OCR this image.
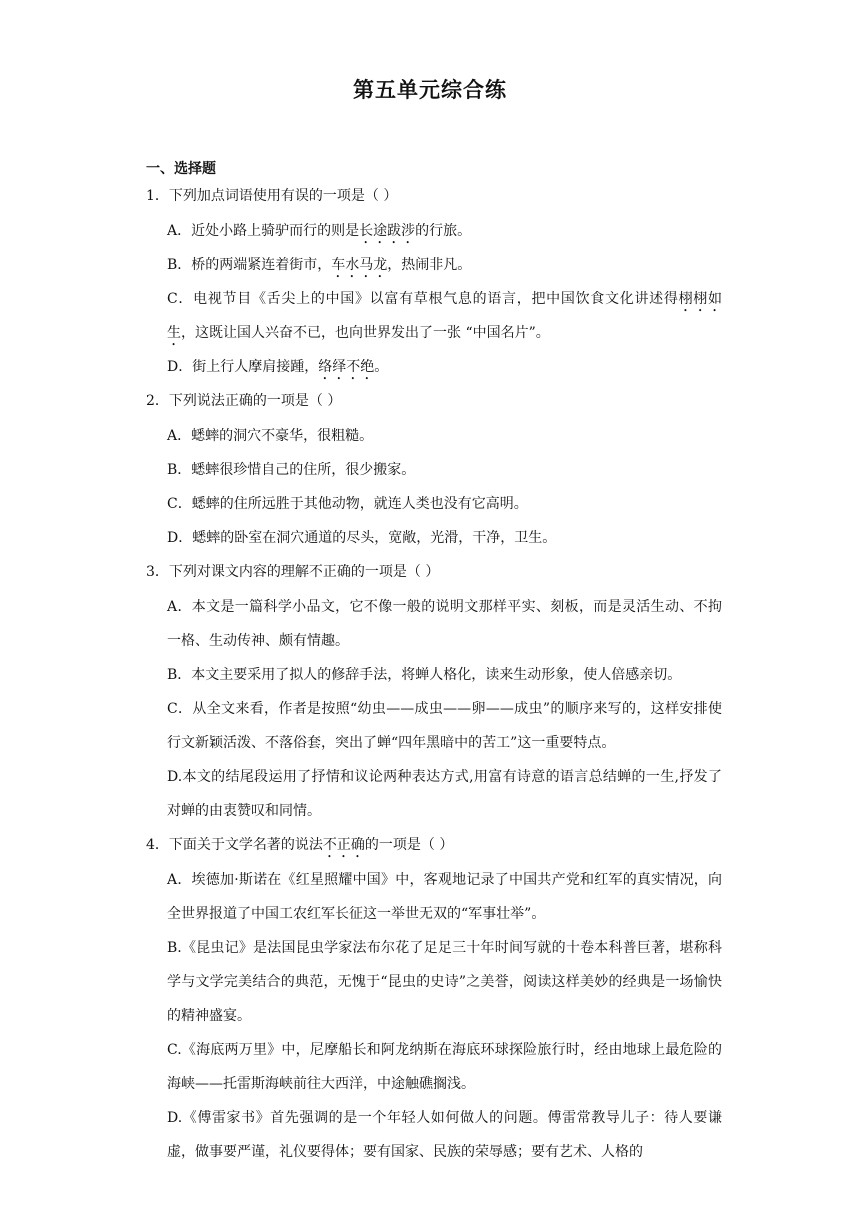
第五单元综合练
一、选择题
1．下列加点词语使用有误的一项是（ ）
A．近处小路上骑驴而行的则是长途跋涉的行旅。
B．桥的两端紧连着街市，车水马龙，热闹非凡。
C．电视节目《舌尖上的中国》以富有草根气息的语言，把中国饮食文化讲述得栩栩如生，这既让国人兴奋不已，也向世界发出了一张 “中国名片”。
D．街上行人摩肩接踵，络绎不绝。
2．下列说法正确的一项是（ ）
A．蟋蟀的洞穴不豪华，很粗糙。
B．蟋蟀很珍惜自己的住所，很少搬家。
C．蟋蟀的住所远胜于其他动物，就连人类也没有它高明。
D．蟋蟀的卧室在洞穴通道的尽头，宽敞，光滑，干净，卫生。
3．下列对课文内容的理解不正确的一项是（ ）
A．本文是一篇科学小品文，它不像一般的说明文那样平实、刻板，而是灵活生动、不拘一格、生动传神、颇有情趣。
B．本文主要采用了拟人的修辞手法，将蝉人格化，读来生动形象，使人倍感亲切。
C．从全文来看，作者是按照“幼虫——成虫——卵——成虫”的顺序来写的，这样安排使行文新颖活泼、不落俗套，突出了蝉“四年黑暗中的苦工”这一重要特点。
D.本文的结尾段运用了抒情和议论两种表达方式,用富有诗意的语言总结蝉的一生,抒发了对蝉的由衷赞叹和同情。
4．下面关于文学名著的说法不正确的一项是（ ）
A．埃德加·斯诺在《红星照耀中国》中，客观地记录了中国共产党和红军的真实情况，向全世界报道了中国工农红军长征这一举世无双的“军事壮举”。
B.《昆虫记》是法国昆虫学家法布尔花了足足三十年时间写就的十卷本科普巨著，堪称科学与文学完美结合的典范，无愧于“昆虫的史诗”之美誉，阅读这样美妙的经典是一场愉快的精神盛宴。
C.《海底两万里》中，尼摩船长和阿龙纳斯在海底环球探险旅行时，经由地球上最危险的海峡——托雷斯海峡前往大西洋，中途触礁搁浅。
D.《傅雷家书》首先强调的是一个年轻人如何做人的问题。傅雷常教导儿子：待人要谦虚，做事要严谨，礼仪要得体；要有国家、民族的荣辱感；要有艺术、人格的
